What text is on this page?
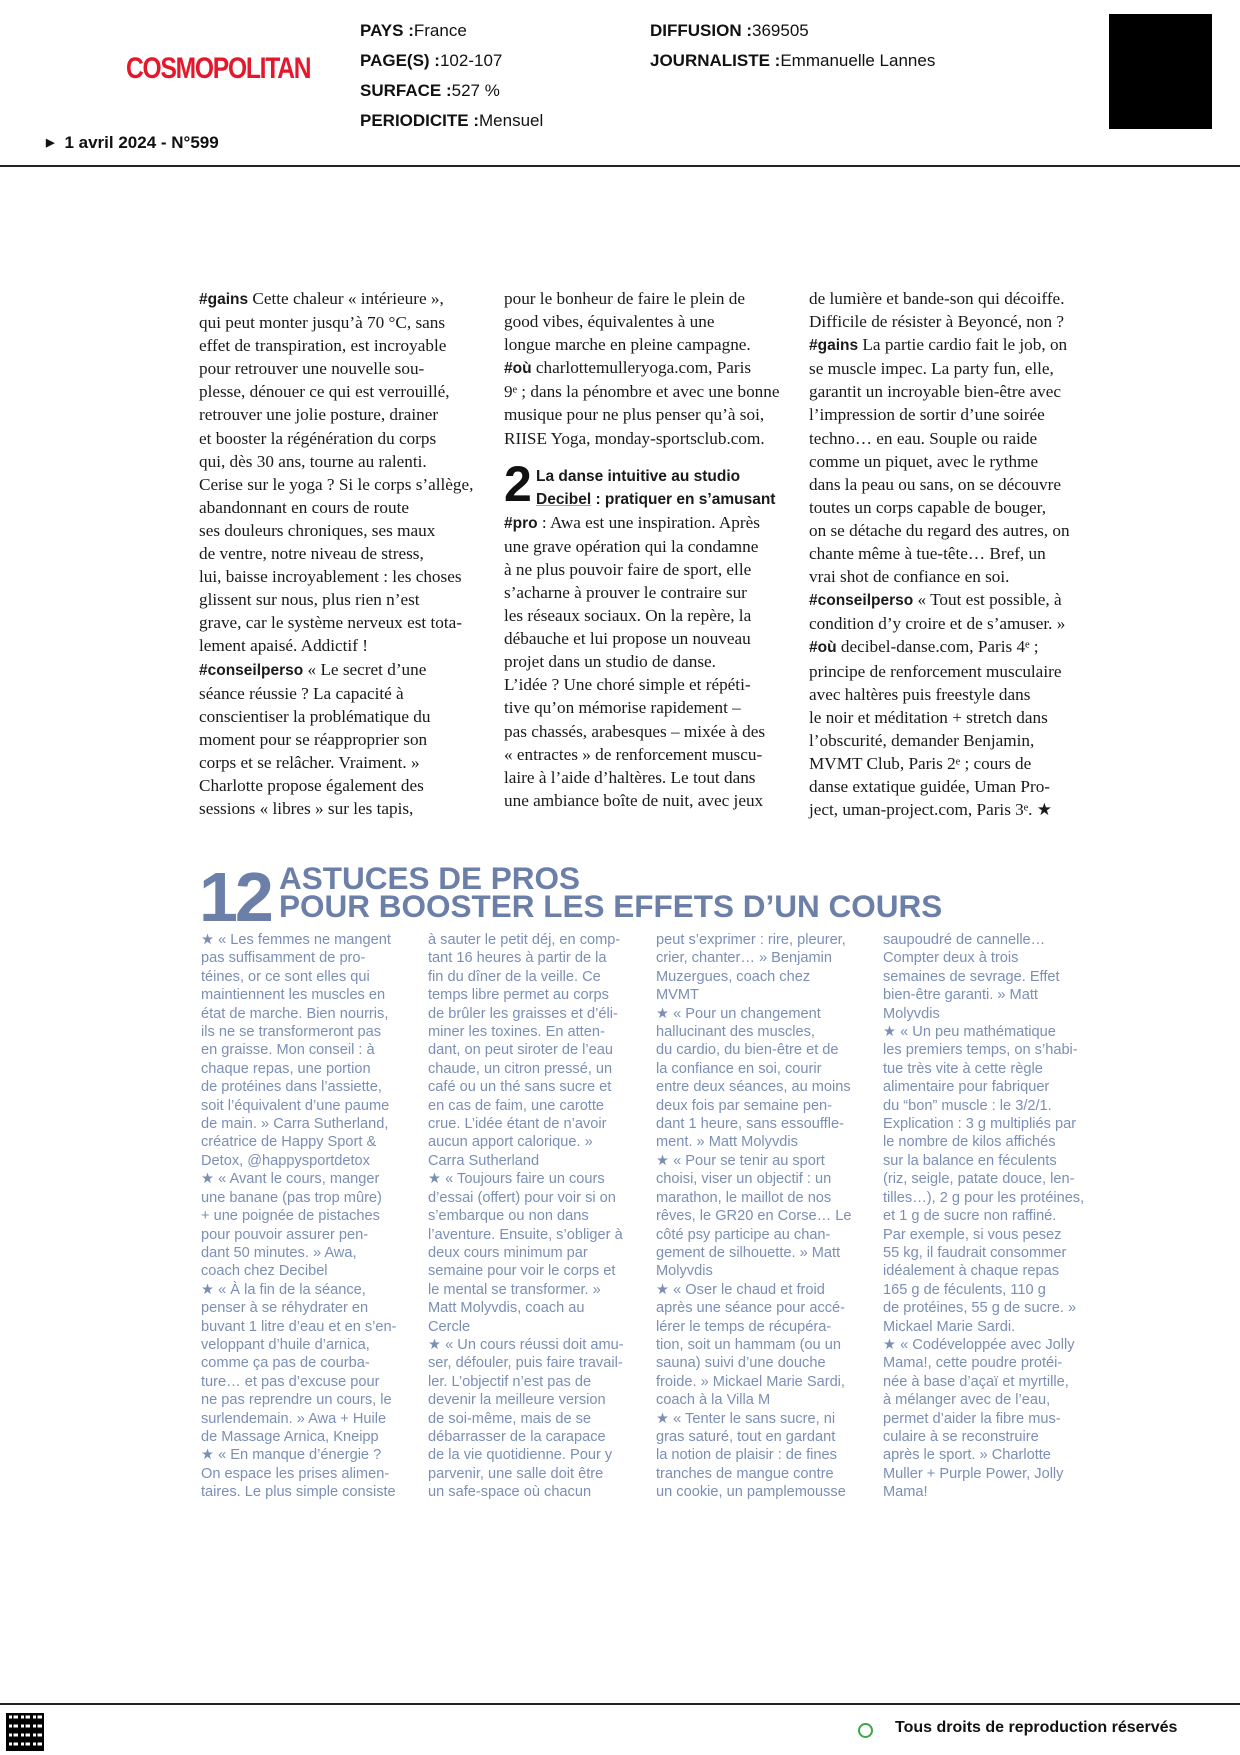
COSMOPOLITAN
PAYS :France
PAGE(S) :102-107
SURFACE :527 %
PERIODICITE :Mensuel
DIFFUSION :369505
JOURNALISTE :Emmanuelle Lannes
▶ 1 avril 2024 - N°599

#gains Cette chaleur « intérieure »,

qui peut monter jusqu’à 70 °C, sans

effet de transpiration, est incroyable

pour retrouver une nouvelle sou-

plesse, dénouer ce qui est verrouillé,

retrouver une jolie posture, drainer

et booster la régénération du corps

qui, dès 30 ans, tourne au ralenti.

Cerise sur le yoga ? Si le corps s’allège,

abandonnant en cours de route

ses douleurs chroniques, ses maux

de ventre, notre niveau de stress,

lui, baisse incroyablement : les choses

glissent sur nous, plus rien n’est

grave, car le système nerveux est tota-

lement apaisé. Addictif !

#conseilperso « Le secret d’une

séance réussie ? La capacité à

conscientiser la problématique du

moment pour se réapproprier son

corps et se relâcher. Vraiment. »

Charlotte propose également des

sessions « libres » sur les tapis,

pour le bonheur de faire le plein de

good vibes, équivalentes à une

longue marche en pleine campagne.

#où charlottemulleryoga.com, Paris

9ᵉ ; dans la pénombre et avec une bonne

musique pour ne plus penser qu’à soi,

RIISE Yoga, monday-sportsclub.com.

2 La danse intuitive au studio
Decibel : pratiquer en s’amusant

#pro : Awa est une inspiration. Après

une grave opération qui la condamne

à ne plus pouvoir faire de sport, elle

s’acharne à prouver le contraire sur

les réseaux sociaux. On la repère, la

débauche et lui propose un nouveau

projet dans un studio de danse.

L’idée ? Une choré simple et répéti-

tive qu’on mémorise rapidement –

pas chassés, arabesques – mixée à des

« entractes » de renforcement muscu-

laire à l’aide d’haltères. Le tout dans

une ambiance boîte de nuit, avec jeux

de lumière et bande-son qui décoiffe.

Difficile de résister à Beyoncé, non ?

#gains La partie cardio fait le job, on

se muscle impec. La party fun, elle,

garantit un incroyable bien-être avec

l’impression de sortir d’une soirée

techno… en eau. Souple ou raide

comme un piquet, avec le rythme

dans la peau ou sans, on se découvre

toutes un corps capable de bouger,

on se détache du regard des autres, on

chante même à tue-tête… Bref, un

vrai shot de confiance en soi.

#conseilperso « Tout est possible, à

condition d’y croire et de s’amuser. »

#où decibel-danse.com, Paris 4ᵉ ;

principe de renforcement musculaire

avec haltères puis freestyle dans

le noir et méditation + stretch dans

l’obscurité, demander Benjamin,

MVMT Club, Paris 2ᵉ ; cours de

danse extatique guidée, Uman Pro-

ject, uman-project.com, Paris 3ᵉ. ★

12 ASTUCES DE PROS
POUR BOOSTER LES EFFETS D’UN COURS

★ « Les femmes ne mangent

pas suffisamment de pro-

téines, or ce sont elles qui

maintiennent les muscles en

état de marche. Bien nourris,

ils ne se transformeront pas

en graisse. Mon conseil : à

chaque repas, une portion

de protéines dans l’assiette,

soit l’équivalent d’une paume

de main. » Carra Sutherland,

créatrice de Happy Sport &

Detox, @happysportdetox

★ « Avant le cours, manger

une banane (pas trop mûre)

+ une poignée de pistaches

pour pouvoir assurer pen-

dant 50 minutes. » Awa,

coach chez Decibel

★ « À la fin de la séance,

penser à se réhydrater en

buvant 1 litre d’eau et en s’en-

veloppant d’huile d’arnica,

comme ça pas de courba-

ture… et pas d’excuse pour

ne pas reprendre un cours, le

surlendemain. » Awa + Huile

de Massage Arnica, Kneipp

★ « En manque d’énergie ?

On espace les prises alimen-

taires. Le plus simple consiste

à sauter le petit déj, en comp-

tant 16 heures à partir de la

fin du dîner de la veille. Ce

temps libre permet au corps

de brûler les graisses et d’éli-

miner les toxines. En atten-

dant, on peut siroter de l’eau

chaude, un citron pressé, un

café ou un thé sans sucre et

en cas de faim, une carotte

crue. L’idée étant de n’avoir

aucun apport calorique. »

Carra Sutherland

★ « Toujours faire un cours

d’essai (offert) pour voir si on

s’embarque ou non dans

l’aventure. Ensuite, s’obliger à

deux cours minimum par

semaine pour voir le corps et

le mental se transformer. »

Matt Molyvdis, coach au

Cercle

★ « Un cours réussi doit amu-

ser, défouler, puis faire travail-

ler. L’objectif n’est pas de

devenir la meilleure version

de soi-même, mais de se

débarrasser de la carapace

de la vie quotidienne. Pour y

parvenir, une salle doit être

un safe-space où chacun

peut s’exprimer : rire, pleurer,

crier, chanter… » Benjamin

Muzergues, coach chez

MVMT

★ « Pour un changement

hallucinant des muscles,

du cardio, du bien-être et de

la confiance en soi, courir

entre deux séances, au moins

deux fois par semaine pen-

dant 1 heure, sans essouffle-

ment. » Matt Molyvdis

★ « Pour se tenir au sport

choisi, viser un objectif : un

marathon, le maillot de nos

rêves, le GR20 en Corse… Le

côté psy participe au chan-

gement de silhouette. » Matt

Molyvdis

★ « Oser le chaud et froid

après une séance pour accé-

lérer le temps de récupéra-

tion, soit un hammam (ou un

sauna) suivi d’une douche

froide. » Mickael Marie Sardi,

coach à la Villa M

★ « Tenter le sans sucre, ni

gras saturé, tout en gardant

la notion de plaisir : de fines

tranches de mangue contre

un cookie, un pamplemousse

saupoudré de cannelle…

Compter deux à trois

semaines de sevrage. Effet

bien-être garanti. » Matt

Molyvdis

★ « Un peu mathématique

les premiers temps, on s’habi-

tue très vite à cette règle

alimentaire pour fabriquer

du “bon” muscle : le 3/2/1.

Explication : 3 g multipliés par

le nombre de kilos affichés

sur la balance en féculents

(riz, seigle, patate douce, len-

tilles…), 2 g pour les protéines,

et 1 g de sucre non raffiné.

Par exemple, si vous pesez

55 kg, il faudrait consommer

idéalement à chaque repas

165 g de féculents, 110 g

de protéines, 55 g de sucre. »

Mickael Marie Sardi.

★ « Codéveloppée avec Jolly

Mama!, cette poudre protéi-

née à base d’açaï et myrtille,

à mélanger avec de l’eau,

permet d’aider la fibre mus-

culaire à se reconstruire

après le sport. » Charlotte

Muller + Purple Power, Jolly

Mama!

Tous droits de reproduction réservés
